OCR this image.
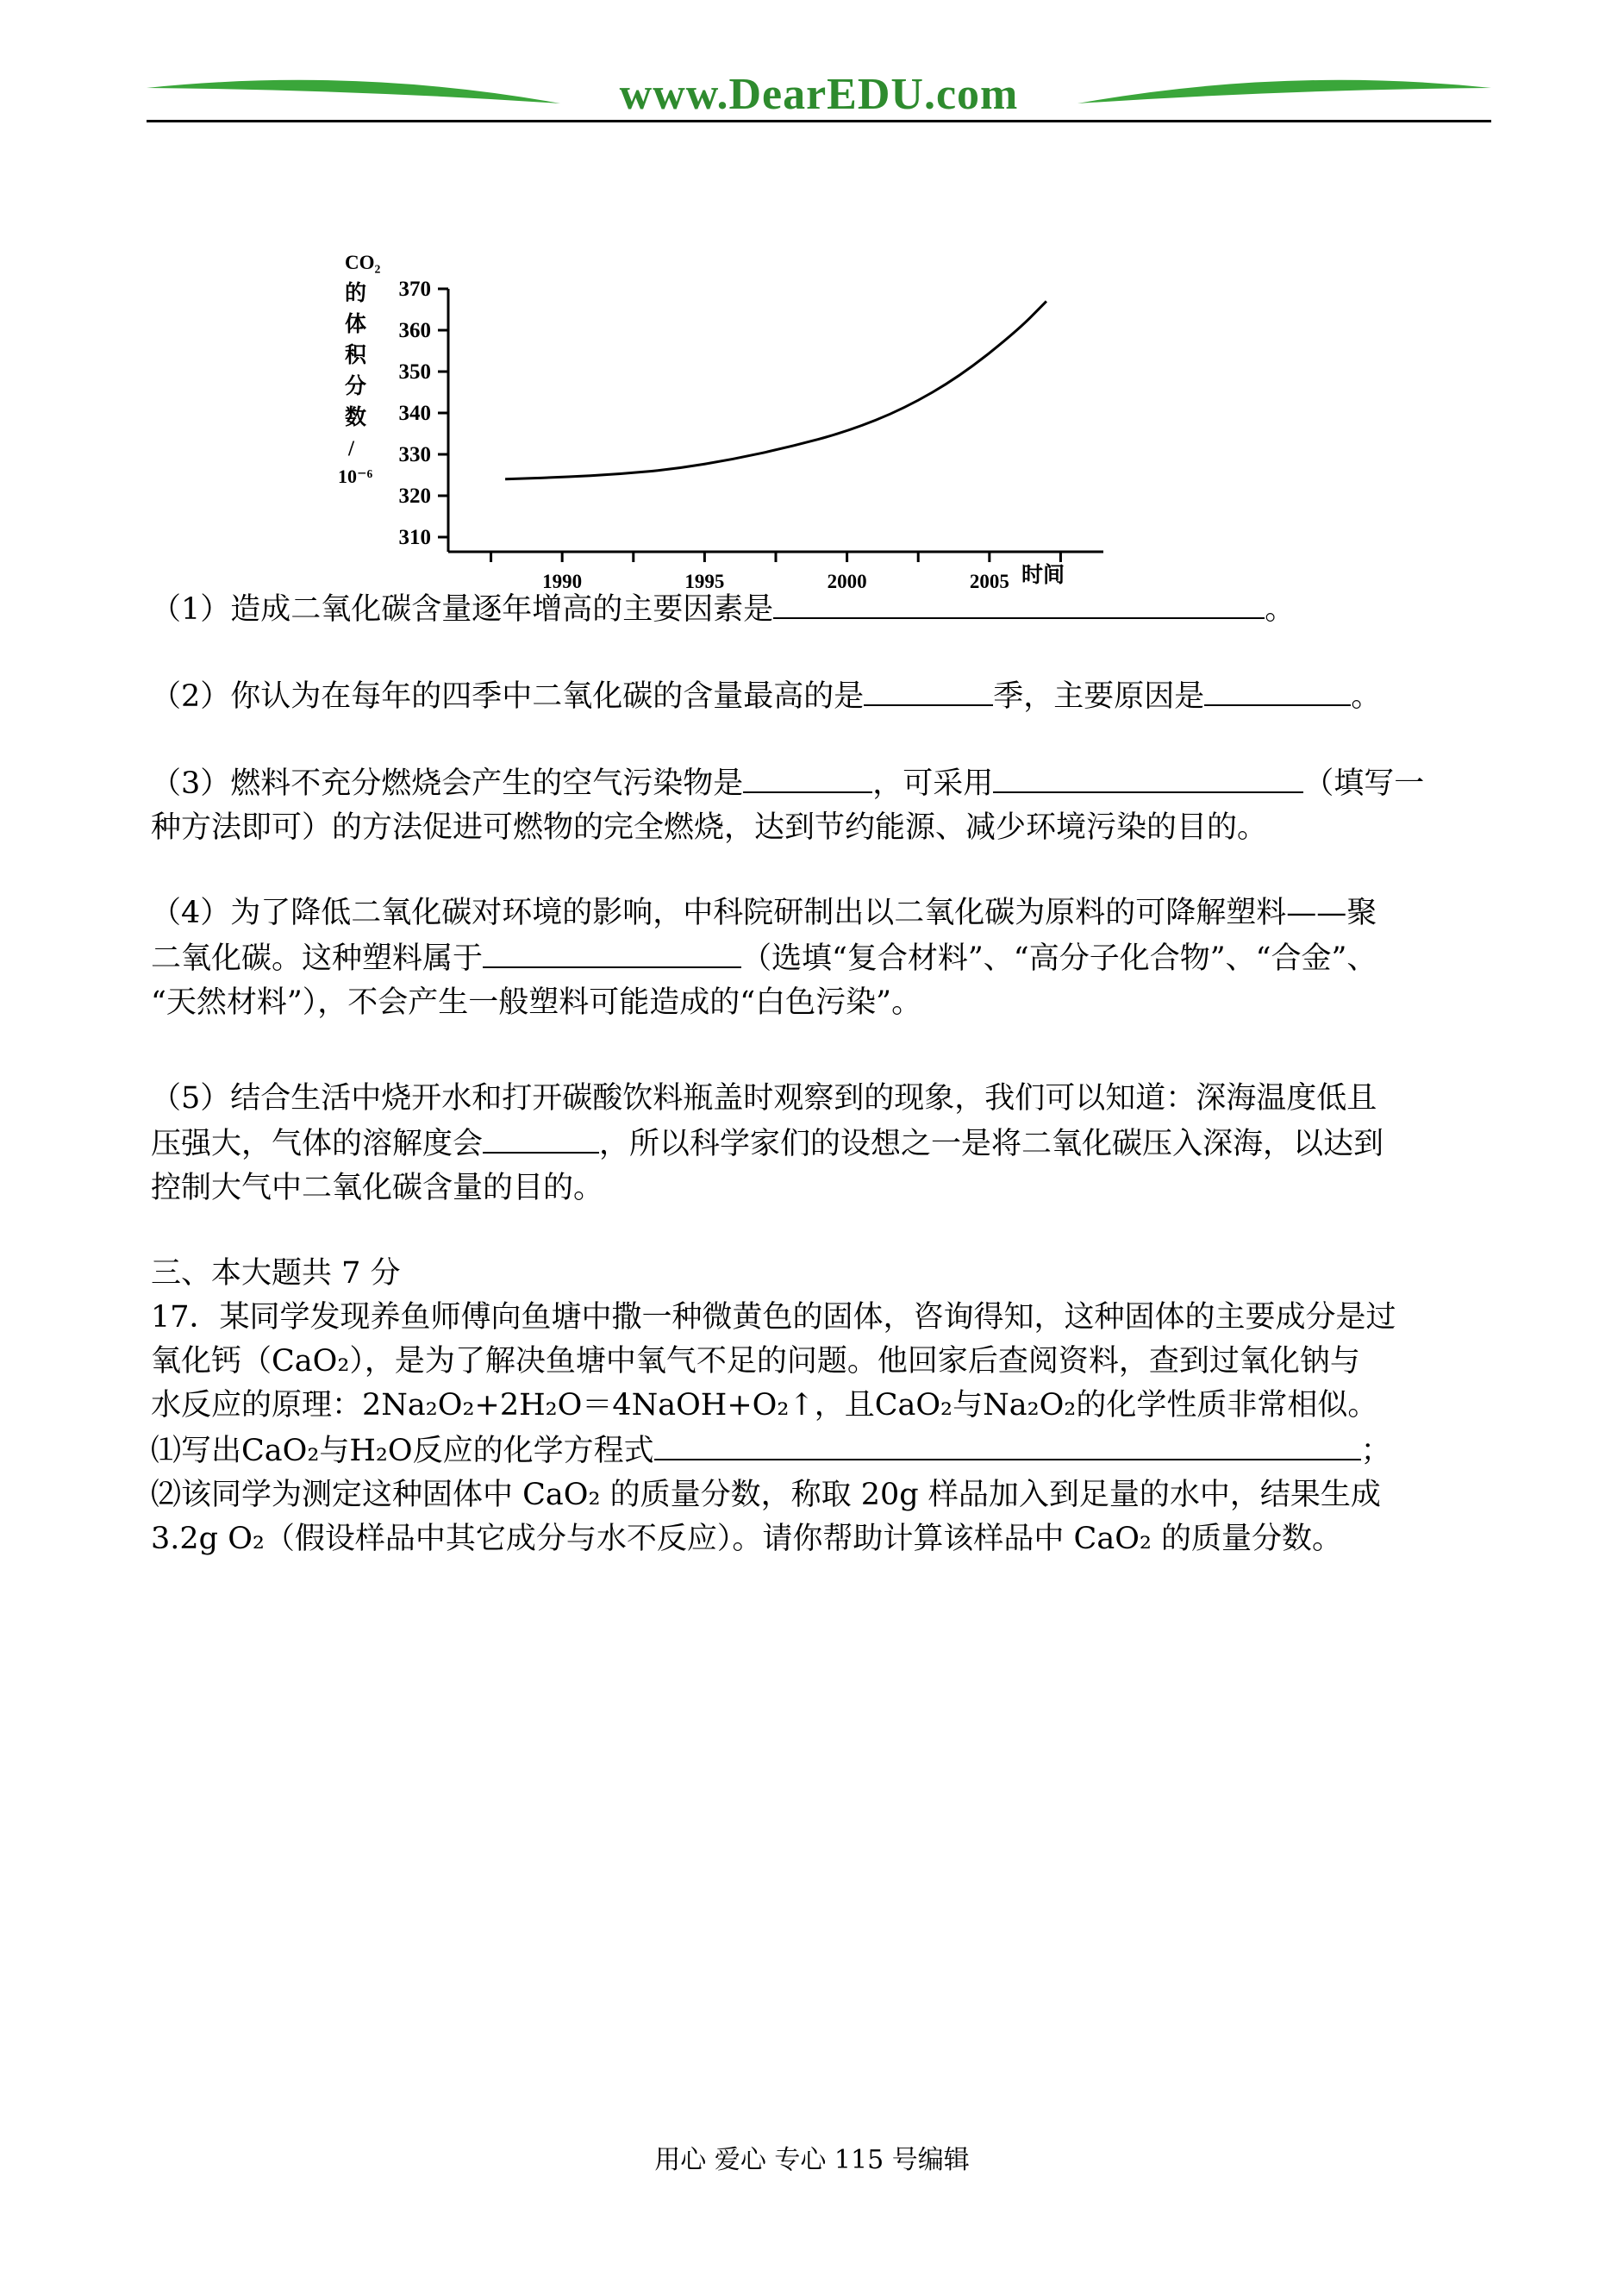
www.DearEDU.com
CO₂
的
体
积
分
数
/
10⁻⁶
370
360
350
340
330
320
310
1990	1995	2000	2005 时间

（1）造成二氧化碳含量逐年增高的主要因素是	。

（2）你认为在每年的四季中二氧化碳的含量最高的是	季，主要原因是	。

（3）燃料不充分燃烧会产生的空气污染物是	，可采用	（填写一

种方法即可）的方法促进可燃物的完全燃烧，达到节约能源、减少环境污染的目的。

（4）为了降低二氧化碳对环境的影响，中科院研制出以二氧化碳为原料的可降解塑料——聚

二氧化碳。这种塑料属于	（选填“复合材料”、“高分子化合物”、“合金”、

“天然材料”），不会产生一般塑料可能造成的“白色污染”。

（5）结合生活中烧开水和打开碳酸饮料瓶盖时观察到的现象，我们可以知道：深海温度低且

压强大，气体的溶解度会	，所以科学家们的设想之一是将二氧化碳压入深海，以达到

控制大气中二氧化碳含量的目的。

三、本大题共 7 分

17．某同学发现养鱼师傅向鱼塘中撒一种微黄色的固体，咨询得知，这种固体的主要成分是过

氧化钙（CaO₂），是为了解决鱼塘中氧气不足的问题。他回家后查阅资料，查到过氧化钠与

水反应的原理：2Na₂O₂+2H₂O＝4NaOH+O₂↑，且CaO₂与Na₂O₂的化学性质非常相似。

⑴写出CaO₂与H₂O反应的化学方程式	；

⑵该同学为测定这种固体中 CaO₂ 的质量分数，称取 20g 样品加入到足量的水中，结果生成

3.2g O₂（假设样品中其它成分与水不反应）。请你帮助计算该样品中 CaO₂ 的质量分数。

用心 爱心 专心 115 号编辑
